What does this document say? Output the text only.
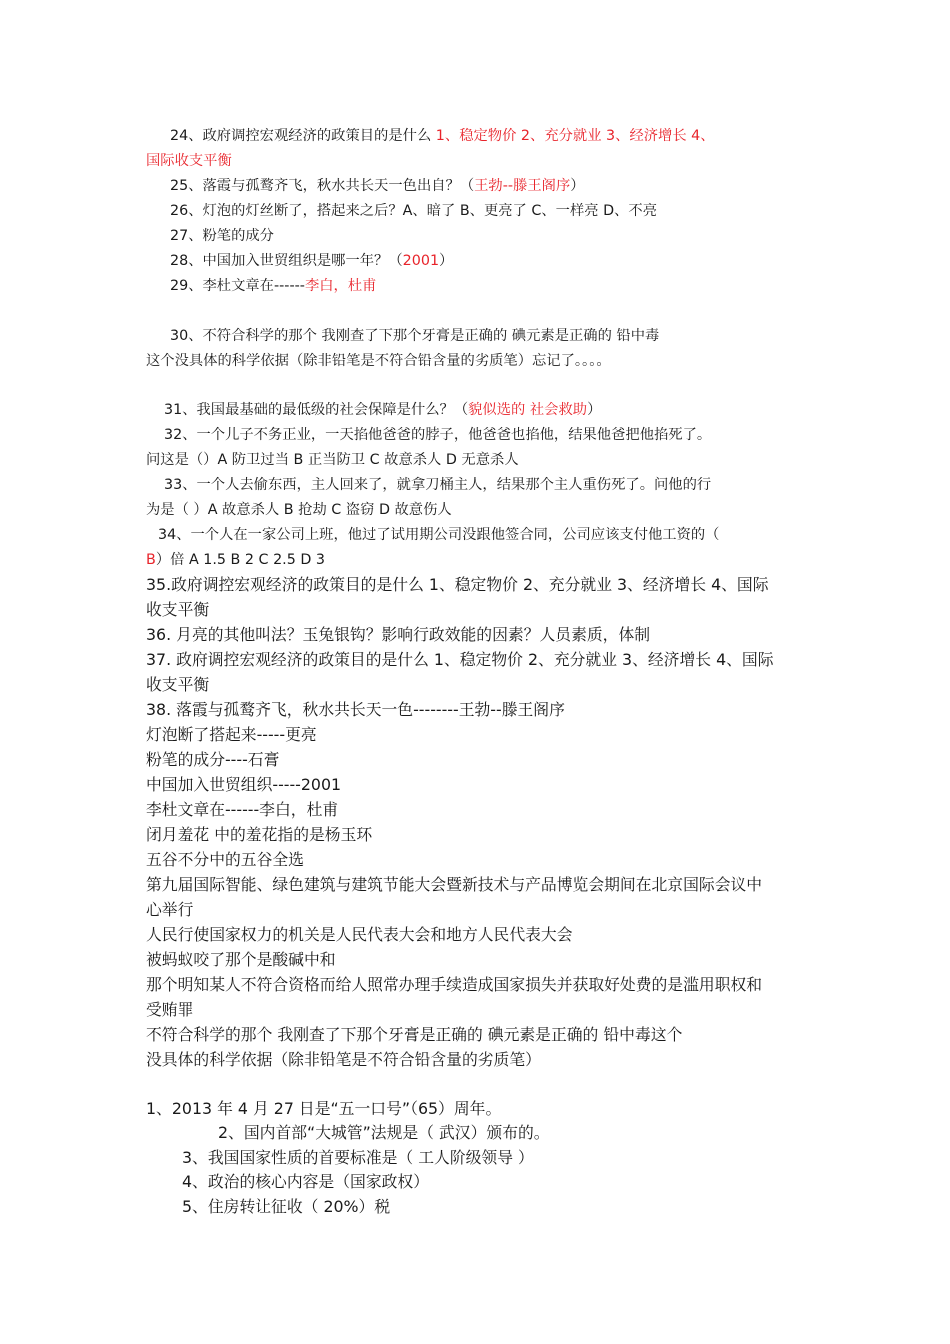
24、政府调控宏观经济的政策目的是什么 1、稳定物价 2、充分就业 3、经济增长 4、
国际收支平衡
25、落霞与孤鹜齐飞，秋水共长天一色出自？（王勃--滕王阁序）
26、灯泡的灯丝断了，搭起来之后？A、暗了 B、更亮了 C、一样亮 D、不亮
27、粉笔的成分
28、中国加入世贸组织是哪一年？（2001）
29、李杜文章在------李白，杜甫
30、不符合科学的那个 我刚查了下那个牙膏是正确的 碘元素是正确的 铅中毒
这个没具体的科学依据（除非铅笔是不符合铅含量的劣质笔）忘记了。。。。
31、我国最基础的最低级的社会保障是什么？（貌似选的 社会救助）
32、一个儿子不务正业，一天掐他爸爸的脖子，他爸爸也掐他，结果他爸把他掐死了。
问这是（）A 防卫过当 B 正当防卫 C 故意杀人 D 无意杀人
33、一个人去偷东西，主人回来了，就拿刀桶主人，结果那个主人重伤死了。问他的行
为是（ ）A 故意杀人 B 抢劫 C 盗窃 D 故意伤人
34、一个人在一家公司上班，他过了试用期公司没跟他签合同，公司应该支付他工资的（
B）倍 A 1.5 B 2 C 2.5 D 3
35.政府调控宏观经济的政策目的是什么 1、稳定物价 2、充分就业 3、经济增长 4、国际
收支平衡
36. 月亮的其他叫法？玉兔银钩？影响行政效能的因素？人员素质，体制
37. 政府调控宏观经济的政策目的是什么 1、稳定物价 2、充分就业 3、经济增长 4、国际
收支平衡
38. 落霞与孤鹜齐飞，秋水共长天一色--------王勃--滕王阁序
灯泡断了搭起来-----更亮
粉笔的成分----石膏
中国加入世贸组织-----2001
李杜文章在------李白，杜甫
闭月羞花 中的羞花指的是杨玉环
五谷不分中的五谷全选
第九届国际智能、绿色建筑与建筑节能大会暨新技术与产品博览会期间在北京国际会议中
心举行
人民行使国家权力的机关是人民代表大会和地方人民代表大会
被蚂蚁咬了那个是酸碱中和
那个明知某人不符合资格而给人照常办理手续造成国家损失并获取好处费的是滥用职权和
受贿罪
不符合科学的那个 我刚查了下那个牙膏是正确的 碘元素是正确的 铅中毒这个
没具体的科学依据（除非铅笔是不符合铅含量的劣质笔）
1、2013 年 4 月 27 日是“五一口号”（65）周年。
2、国内首部“大城管”法规是（ 武汉）颁布的。
3、我国国家性质的首要标准是（ 工人阶级领导 ）
4、政治的核心内容是（国家政权）
5、住房转让征收（ 20%）税
